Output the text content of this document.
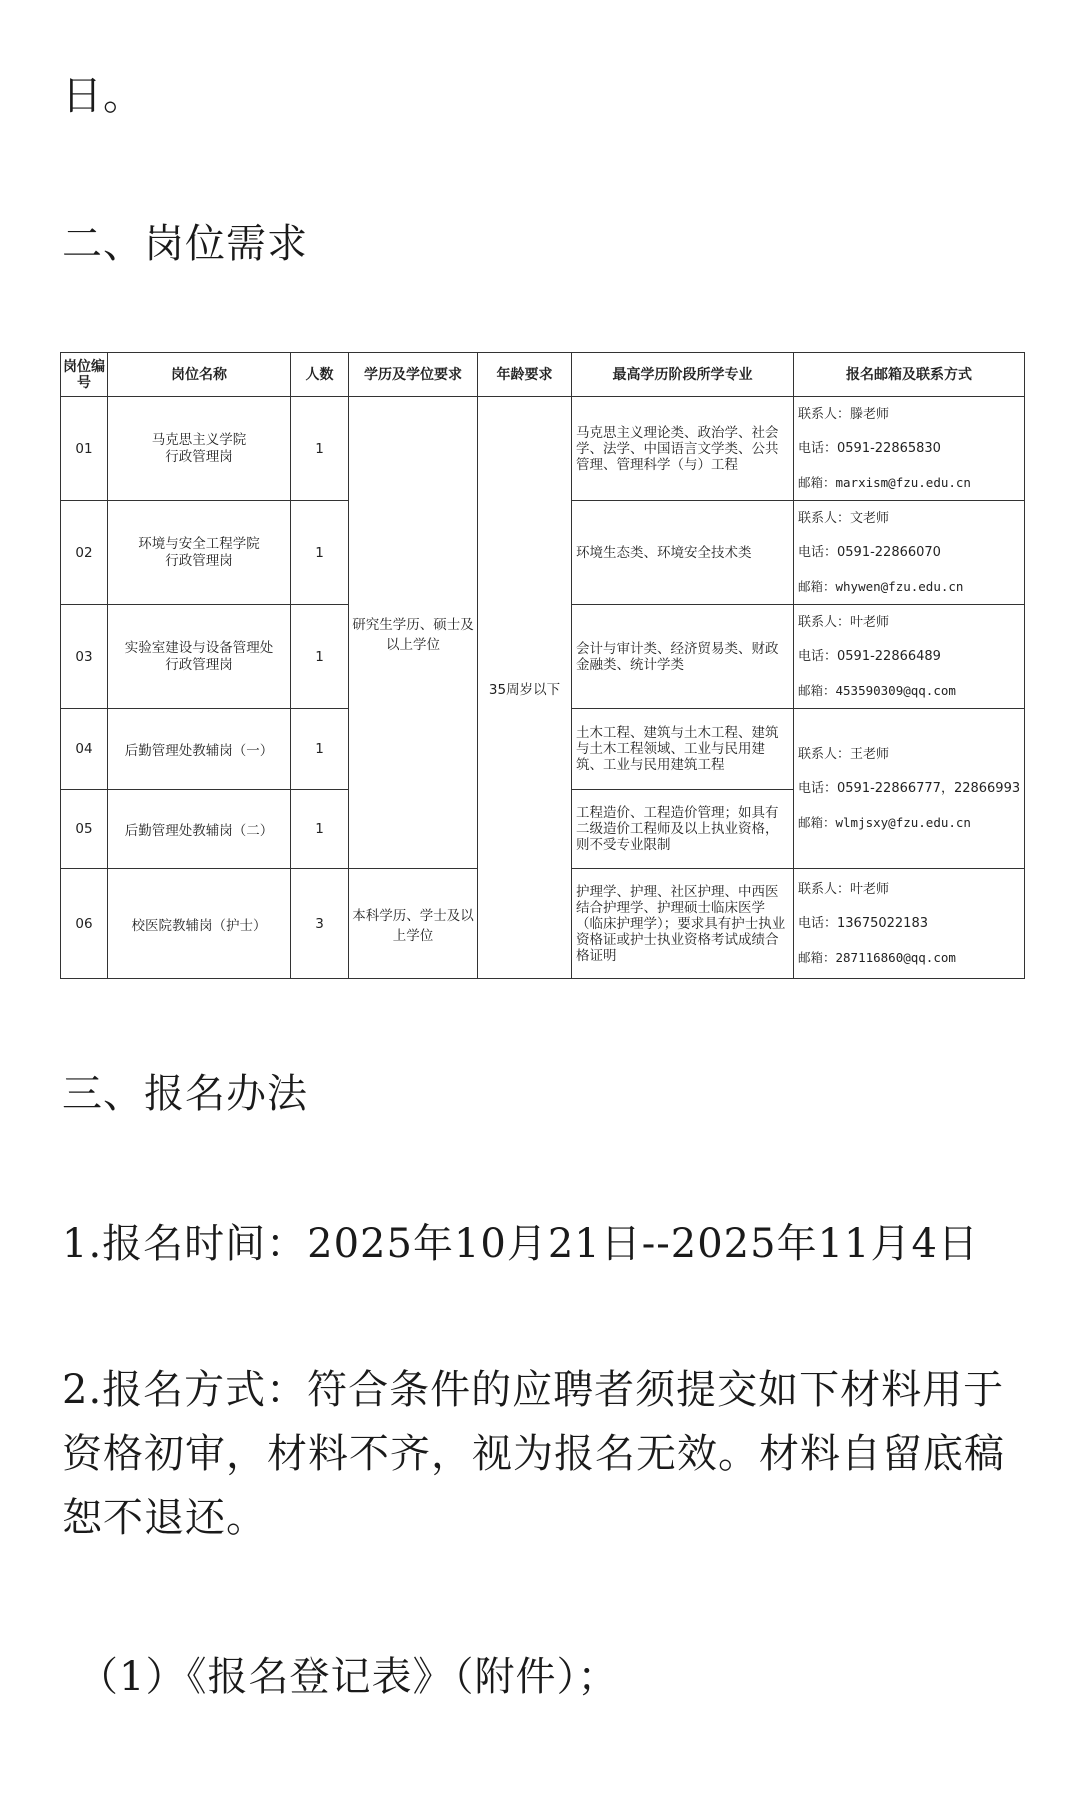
日。

二、岗位需求

岗位编号	岗位名称	人数	学历及学位要求	年龄要求	最高学历阶段所学专业	报名邮箱及联系方式
01	马克思主义学院
行政管理岗	1	研究生学历、硕士及以上学位	35周岁以下	马克思主义理论类、政治学、社会学、法学、中国语言文学类、公共管理、管理科学（与）工程	联系人：滕老师
电话：0591-22865830
邮箱：marxism@fzu.edu.cn

02	环境与安全工程学院
行政管理岗	1			环境生态类、环境安全技术类	联系人：文老师
电话：0591-22866070
邮箱：whywen@fzu.edu.cn

03	实验室建设与设备管理处
行政管理岗	1			会计与审计类、经济贸易类、财政金融类、统计学类	联系人：叶老师
电话：0591-22866489
邮箱：453590309@qq.com

04	后勤管理处教辅岗（一）	1			土木工程、建筑与土木工程、建筑与土木工程领域、工业与民用建筑、工业与民用建筑工程	联系人：王老师
电话：0591-22866777，22866993
邮箱：wlmjsxy@fzu.edu.cn

05	后勤管理处教辅岗（二）	1			工程造价、工程造价管理；如具有二级造价工程师及以上执业资格，则不受专业限制	
06	校医院教辅岗（护士）	3	本科学历、学士及以上学位		护理学、护理、社区护理、中西医结合护理学、护理硕士临床医学（临床护理学）；要求具有护士执业资格证或护士执业资格考试成绩合格证明	联系人：叶老师
电话：13675022183
邮箱：287116860@qq.com

三、报名办法

1.报名时间：2025年10月21日--2025年11月4日

2.报名方式：符合条件的应聘者须提交如下材料用于资格初审，材料不齐，视为报名无效。材料自留底稿恕不退还。

（1）《报名登记表》（附件）；
